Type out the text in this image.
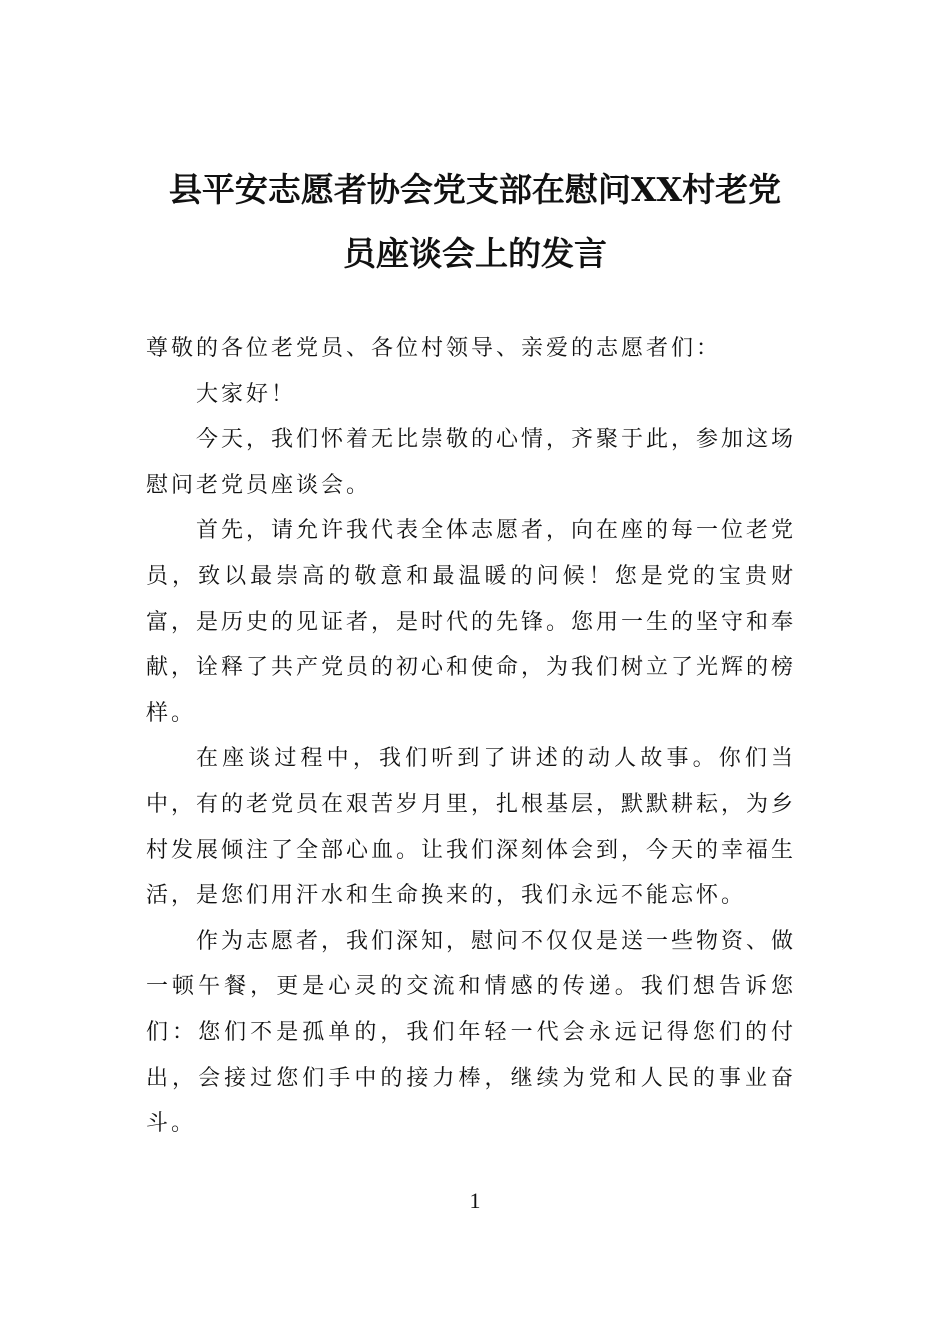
县平安志愿者协会党支部在慰问XX村老党
员座谈会上的发言

尊敬的各位老党员、各位村领导、亲爱的志愿者们：

大家好！

今天，我们怀着无比崇敬的心情，齐聚于此，参加这场慰问老党员座谈会。

首先，请允许我代表全体志愿者，向在座的每一位老党员，致以最崇高的敬意和最温暖的问候！您是党的宝贵财富，是历史的见证者，是时代的先锋。您用一生的坚守和奉献，诠释了共产党员的初心和使命，为我们树立了光辉的榜样。

在座谈过程中，我们听到了讲述的动人故事。你们当中，有的老党员在艰苦岁月里，扎根基层，默默耕耘，为乡村发展倾注了全部心血。让我们深刻体会到，今天的幸福生活，是您们用汗水和生命换来的，我们永远不能忘怀。

作为志愿者，我们深知，慰问不仅仅是送一些物资、做一顿午餐，更是心灵的交流和情感的传递。我们想告诉您们：您们不是孤单的，我们年轻一代会永远记得您们的付出，会接过您们手中的接力棒，继续为党和人民的事业奋斗。

1
